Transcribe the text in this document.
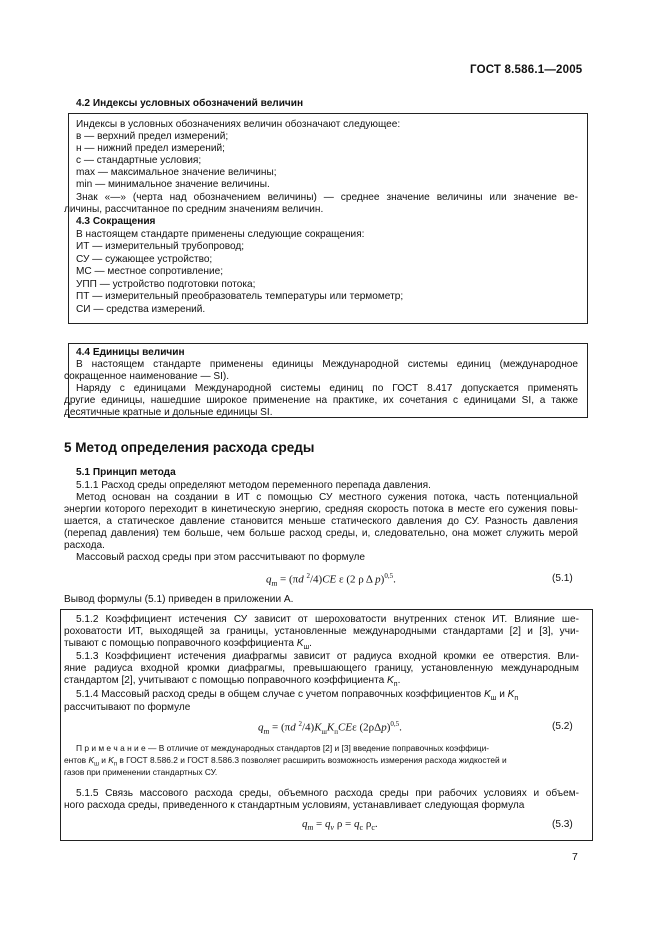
ГОСТ 8.586.1—2005
4.2 Индексы условных обозначений величин
Индексы в условных обозначениях величин обозначают следующее:
в — верхний предел измерений;
н — нижний предел измерений;
с — стандартные условия;
max — максимальное значение величины;
min — минимальное значение величины.
Знак «—» (черта над обозначением величины) — среднее значение величины или значение ве-
личины, рассчитанное по средним значениям величин.
4.3 Сокращения
В настоящем стандарте применены следующие сокращения:
ИТ — измерительный трубопровод;
СУ — сужающее устройство;
МС — местное сопротивление;
УПП — устройство подготовки потока;
ПТ — измерительный преобразователь температуры или термометр;
СИ — средства измерений.
4.4 Единицы величин
В настоящем стандарте применены единицы Международной системы единиц (международное
сокращенное наименование — SI).
Наряду с единицами Международной системы единиц по ГОСТ 8.417 допускается применять
другие единицы, нашедшие широкое применение на практике, их сочетания с единицами SI, а также
десятичные кратные и дольные единицы SI.
5 Метод определения расхода среды
5.1 Принцип метода
5.1.1 Расход среды определяют методом переменного перепада давления.
Метод основан на создании в ИТ с помощью СУ местного сужения потока, часть потенциальной
энергии которого переходит в кинетическую энергию, средняя скорость потока в месте его сужения повы-
шается, а статическое давление становится меньше статического давления до СУ. Разность давления
(перепад давления) тем больше, чем больше расход среды, и, следовательно, она может служить мерой
расхода.
Массовый расход среды при этом рассчитывают по формуле
$q_m = (\pi d$ $^2$/4)CE ε (2 ρ Δ p)$^{0,5}$.	(5.1)
Вывод формулы (5.1) приведен в приложении А.
5.1.2 Коэффициент истечения СУ зависит от шероховатости внутренних стенок ИТ. Влияние ше-
роховатости ИТ, выходящей за границы, установленные международными стандартами [2] и [3], учи-
тывают с помощью поправочного коэффициента $K_ш$.
5.1.3 Коэффициент истечения диафрагмы зависит от радиуса входной кромки ее отверстия. Вли-
яние радиуса входной кромки диафрагмы, превышающего границу, установленную международным
стандартом [2], учитывают с помощью поправочного коэффициента $K_п$.
5.1.4 Массовый расход среды в общем случае с учетом поправочных коэффициентов $K_ш$ и $K_п$
рассчитывают по формуле
$q_m = (\pi d$ $^2/4)K_шK_пCE\varepsilon$ $(2\rho\Delta p)^{0,5}$.	(5.2)
П р и м е ч а н и е — В отличие от международных стандартов [2] и [3] введение поправочных коэффици-
ентов $K_ш$ и $K_п$ в ГОСТ 8.586.2 и ГОСТ 8.586.3 позволяет расширить возможность измерения расхода жидкостей и
газов при применении стандартных СУ.
5.1.5 Связь массового расхода среды, объемного расхода среды при рабочих условиях и объем-
ного расхода среды, приведенного к стандартным условиям, устанавливает следующая формула
$q_m = q_v$ $\rho = q_с$ $\rho_с$.	(5.3)
7
